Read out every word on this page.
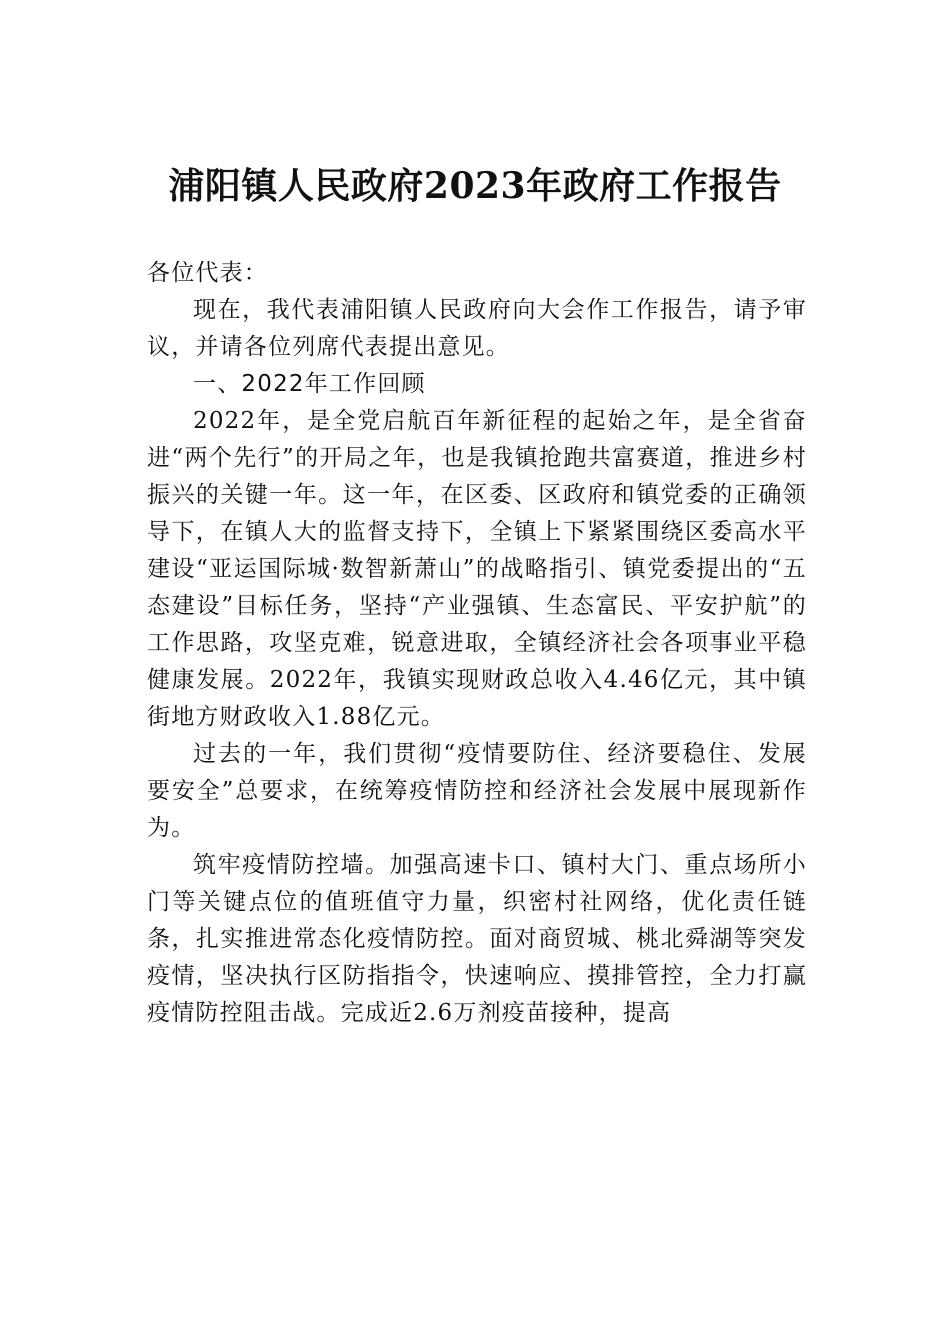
浦阳镇人民政府2023年政府工作报告

各位代表：

现在，我代表浦阳镇人民政府向大会作工作报告，请予审议，并请各位列席代表提出意见。

一、2022年工作回顾

2022年，是全党启航百年新征程的起始之年，是全省奋进“两个先行”的开局之年，也是我镇抢跑共富赛道，推进乡村振兴的关键一年。这一年，在区委、区政府和镇党委的正确领导下，在镇人大的监督支持下，全镇上下紧紧围绕区委高水平建设“亚运国际城·数智新萧山”的战略指引、镇党委提出的“五态建设”目标任务，坚持“产业强镇、生态富民、平安护航”的工作思路，攻坚克难，锐意进取，全镇经济社会各项事业平稳健康发展。2022年，我镇实现财政总收入4.46亿元，其中镇街地方财政收入1.88亿元。

过去的一年，我们贯彻“疫情要防住、经济要稳住、发展要安全”总要求，在统筹疫情防控和经济社会发展中展现新作为。

筑牢疫情防控墙。加强高速卡口、镇村大门、重点场所小门等关键点位的值班值守力量，织密村社网络，优化责任链条，扎实推进常态化疫情防控。面对商贸城、桃北舜湖等突发疫情，坚决执行区防指指令，快速响应、摸排管控，全力打赢疫情防控阻击战。完成近2.6万剂疫苗接种，提高
